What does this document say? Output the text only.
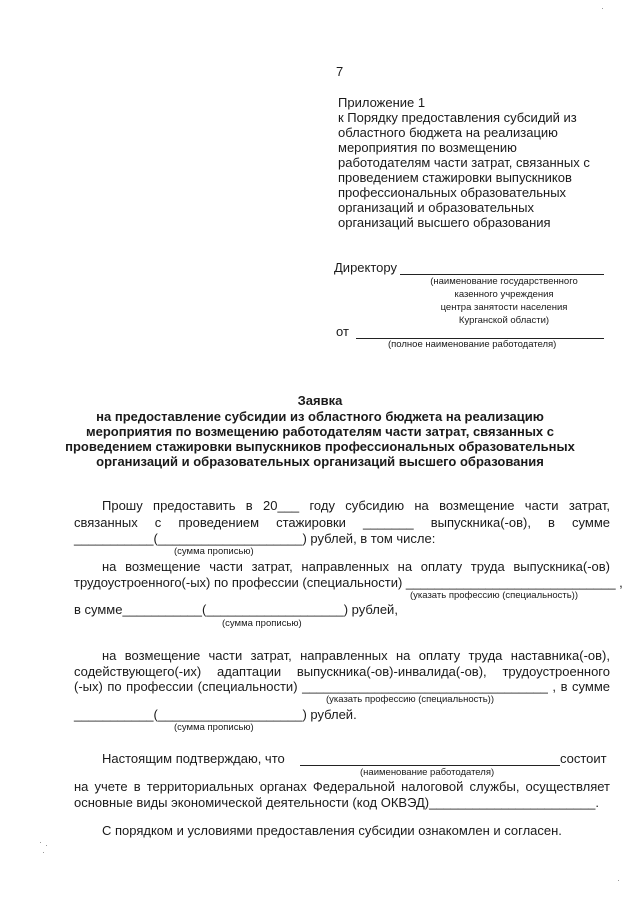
7
Приложение 1
к Порядку предоставления субсидий из
областного бюджета на реализацию
мероприятия по возмещению
работодателям части затрат, связанных с
проведением стажировки выпускников
профессиональных образовательных
организаций и образовательных
организаций высшего образования
Директору
(наименование государственного
казенного учреждения
центра занятости населения
Курганской области)
от
(полное наименование работодателя)
Заявка
на предоставление субсидии из областного бюджета на реализацию
мероприятия по возмещению работодателям части затрат, связанных с
проведением стажировки выпускников профессиональных образовательных
организаций и образовательных организаций высшего образования
Прошу предоставить в 20___ году субсидию на возмещение части затрат,
связанных с проведением стажировки _______ выпускника(-ов), в сумме
___________(____________________) рублей, в том числе:
(сумма прописью)
на возмещение части затрат, направленных на оплату труда выпускника(-ов)
трудоустроенного(-ых) по профессии (специальности) _____________________________ ,
(указать профессию (специальность))
в сумме___________(___________________) рублей,
(сумма прописью)
на возмещение части затрат, направленных на оплату труда наставника(-ов),
содействующего(-их) адаптации выпускника(-ов)-инвалида(-ов), трудоустроенного
(-ых) по профессии (специальности) __________________________________ , в сумме
(указать профессию (специальность))
___________(____________________) рублей.
(сумма прописью)
Настоящим подтверждаю, что	состоит
(наименование работодателя)
на учете в территориальных органах Федеральной налоговой службы, осуществляет
основные виды экономической деятельности (код ОКВЭД)_______________________.
С порядком и условиями предоставления субсидии ознакомлен и согласен.
